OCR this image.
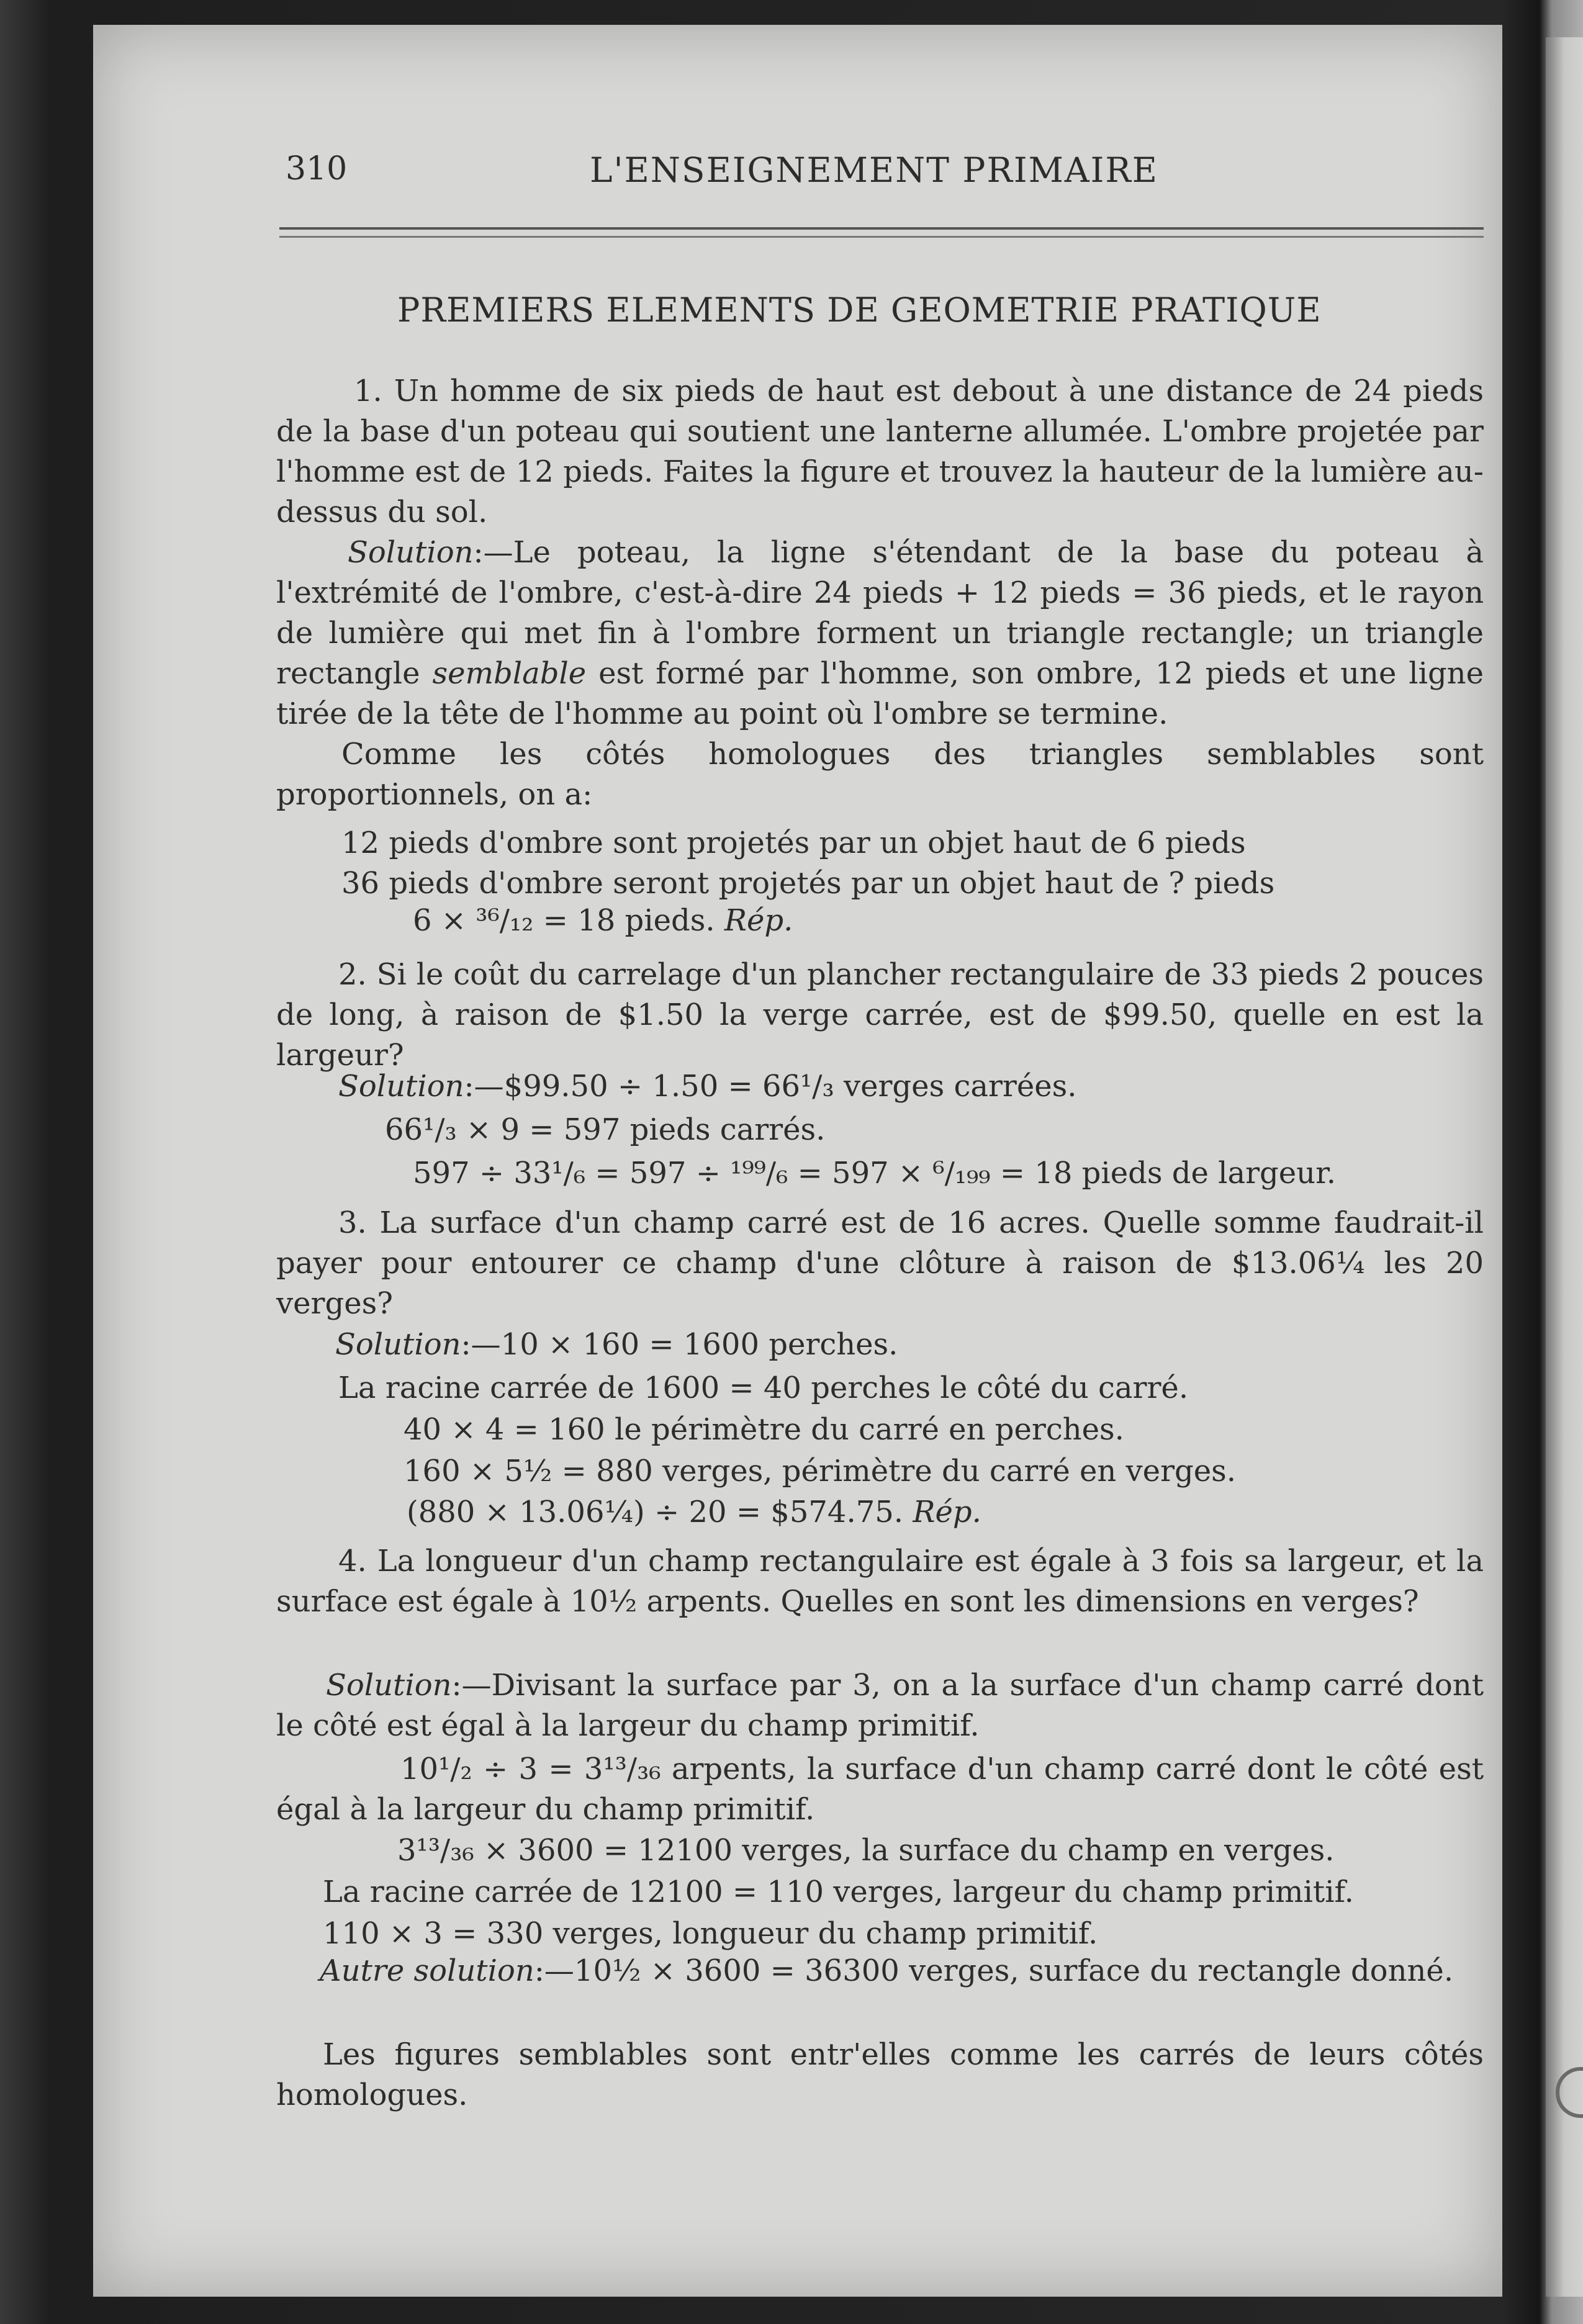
310	L'ENSEIGNEMENT PRIMAIRE
PREMIERS ELEMENTS DE GEOMETRIE PRATIQUE
1. Un homme de six pieds de haut est debout à une distance de 24 pieds de la base d'un poteau qui soutient une lanterne allumée. L'ombre projetée par l'homme est de 12 pieds. Faites la figure et trouvez la hauteur de la lumière au-dessus du sol.
Solution:—Le poteau, la ligne s'étendant de la base du poteau à l'extrémité de l'ombre, c'est-à-dire 24 pieds + 12 pieds = 36 pieds, et le rayon de lumière qui met fin à l'ombre forment un triangle rectangle; un triangle rectangle semblable est formé par l'homme, son ombre, 12 pieds et une ligne tirée de la tête de l'homme au point où l'ombre se termine.
Comme les côtés homologues des triangles semblables sont proportionnels, on a:
12 pieds d'ombre sont projetés par un objet haut de 6 pieds
36 pieds d'ombre seront projetés par un objet haut de ? pieds
6 × ³⁶/₁₂ = 18 pieds. Rép.
2. Si le coût du carrelage d'un plancher rectangulaire de 33 pieds 2 pouces de long, à raison de $1.50 la verge carrée, est de $99.50, quelle en est la largeur?
Solution:—$99.50 ÷ 1.50 = 66¹/₃ verges carrées.
66¹/₃ × 9 = 597 pieds carrés.
597 ÷ 33¹/₆ = 597 ÷ ¹⁹⁹/₆ = 597 × ⁶/₁₉₉ = 18 pieds de largeur.
3. La surface d'un champ carré est de 16 acres. Quelle somme faudrait-il payer pour entourer ce champ d'une clôture à raison de $13.06¼ les 20 verges?
Solution:—10 × 160 = 1600 perches.
La racine carrée de 1600 = 40 perches le côté du carré.
40 × 4 = 160 le périmètre du carré en perches.
160 × 5½ = 880 verges, périmètre du carré en verges.
(880 × 13.06¼) ÷ 20 = $574.75. Rép.
4. La longueur d'un champ rectangulaire est égale à 3 fois sa largeur, et la surface est égale à 10½ arpents. Quelles en sont les dimensions en verges?
Solution:—Divisant la surface par 3, on a la surface d'un champ carré dont le côté est égal à la largeur du champ primitif.
10¹/₂ ÷ 3 = 3¹³/₃₆ arpents, la surface d'un champ carré dont le côté est égal à la largeur du champ primitif.
3¹³/₃₆ × 3600 = 12100 verges, la surface du champ en verges.
La racine carrée de 12100 = 110 verges, largeur du champ primitif.
110 × 3 = 330 verges, longueur du champ primitif.
Autre solution:—10½ × 3600 = 36300 verges, surface du rectangle donné.
Les figures semblables sont entr'elles comme les carrés de leurs côtés homologues.
